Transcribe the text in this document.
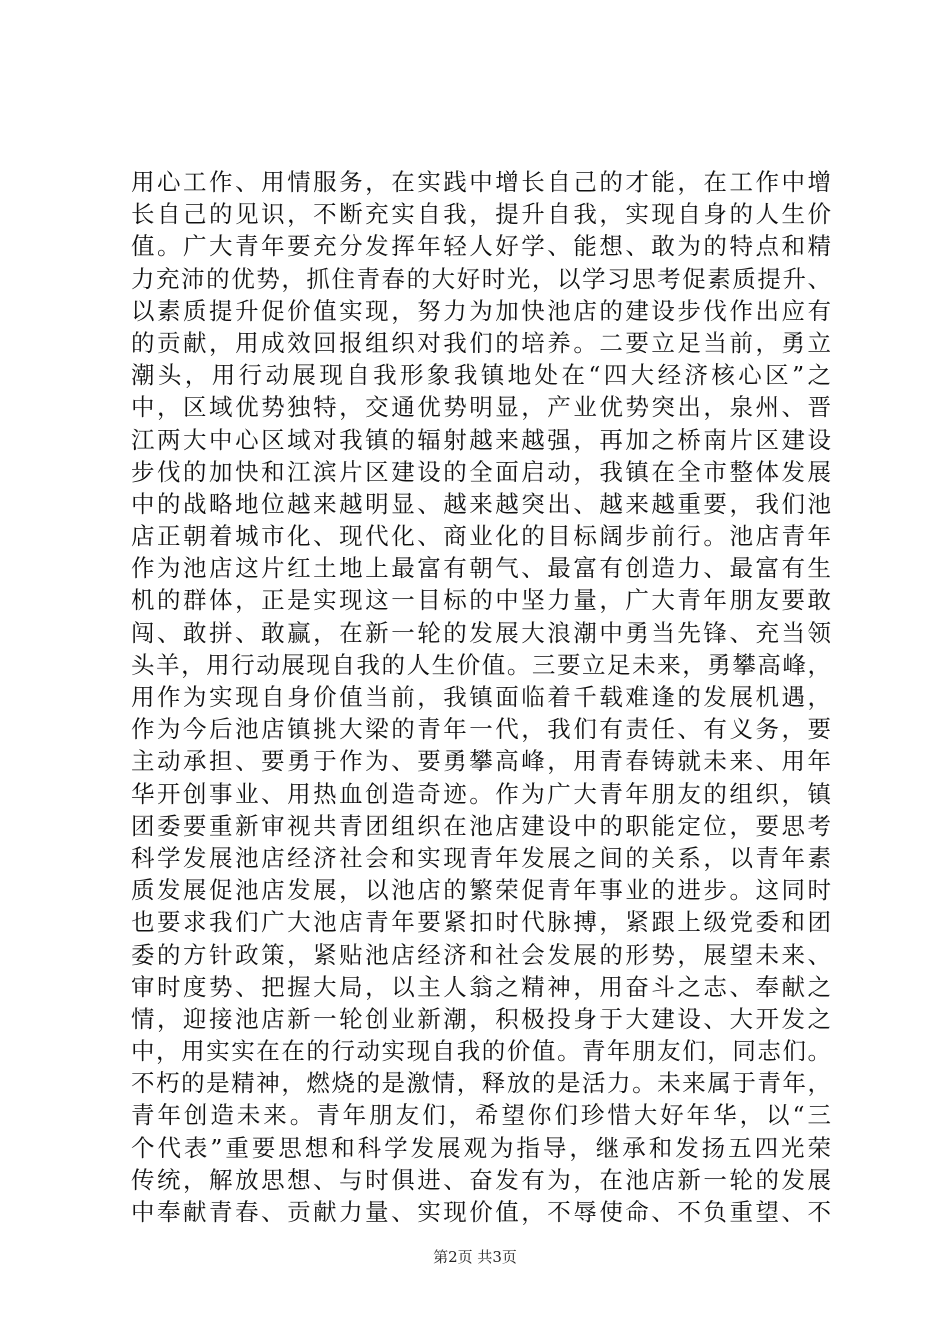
用心工作、用情服务，在实践中增长自己的才能，在工作中增
长自己的见识，不断充实自我，提升自我，实现自身的人生价
值。广大青年要充分发挥年轻人好学、能想、敢为的特点和精
力充沛的优势，抓住青春的大好时光，以学习思考促素质提升、
以素质提升促价值实现，努力为加快池店的建设步伐作出应有
的贡献，用成效回报组织对我们的培养。二要立足当前，勇立
潮头，用行动展现自我形象我镇地处在“四大经济核心区”之
中，区域优势独特，交通优势明显，产业优势突出，泉州、晋
江两大中心区域对我镇的辐射越来越强，再加之桥南片区建设
步伐的加快和江滨片区建设的全面启动，我镇在全市整体发展
中的战略地位越来越明显、越来越突出、越来越重要，我们池
店正朝着城市化、现代化、商业化的目标阔步前行。池店青年
作为池店这片红土地上最富有朝气、最富有创造力、最富有生
机的群体，正是实现这一目标的中坚力量，广大青年朋友要敢
闯、敢拼、敢赢，在新一轮的发展大浪潮中勇当先锋、充当领
头羊，用行动展现自我的人生价值。三要立足未来，勇攀高峰，
用作为实现自身价值当前，我镇面临着千载难逢的发展机遇，
作为今后池店镇挑大梁的青年一代，我们有责任、有义务，要
主动承担、要勇于作为、要勇攀高峰，用青春铸就未来、用年
华开创事业、用热血创造奇迹。作为广大青年朋友的组织，镇
团委要重新审视共青团组织在池店建设中的职能定位，要思考
科学发展池店经济社会和实现青年发展之间的关系，以青年素
质发展促池店发展，以池店的繁荣促青年事业的进步。这同时
也要求我们广大池店青年要紧扣时代脉搏，紧跟上级党委和团
委的方针政策，紧贴池店经济和社会发展的形势，展望未来、
审时度势、把握大局，以主人翁之精神，用奋斗之志、奉献之
情，迎接池店新一轮创业新潮，积极投身于大建设、大开发之
中，用实实在在的行动实现自我的价值。青年朋友们，同志们。
不朽的是精神，燃烧的是激情，释放的是活力。未来属于青年，
青年创造未来。青年朋友们，希望你们珍惜大好年华，以“三
个代表”重要思想和科学发展观为指导，继承和发扬五四光荣
传统，解放思想、与时俱进、奋发有为，在池店新一轮的发展
中奉献青春、贡献力量、实现价值，不辱使命、不负重望、不
第2页 共3页
